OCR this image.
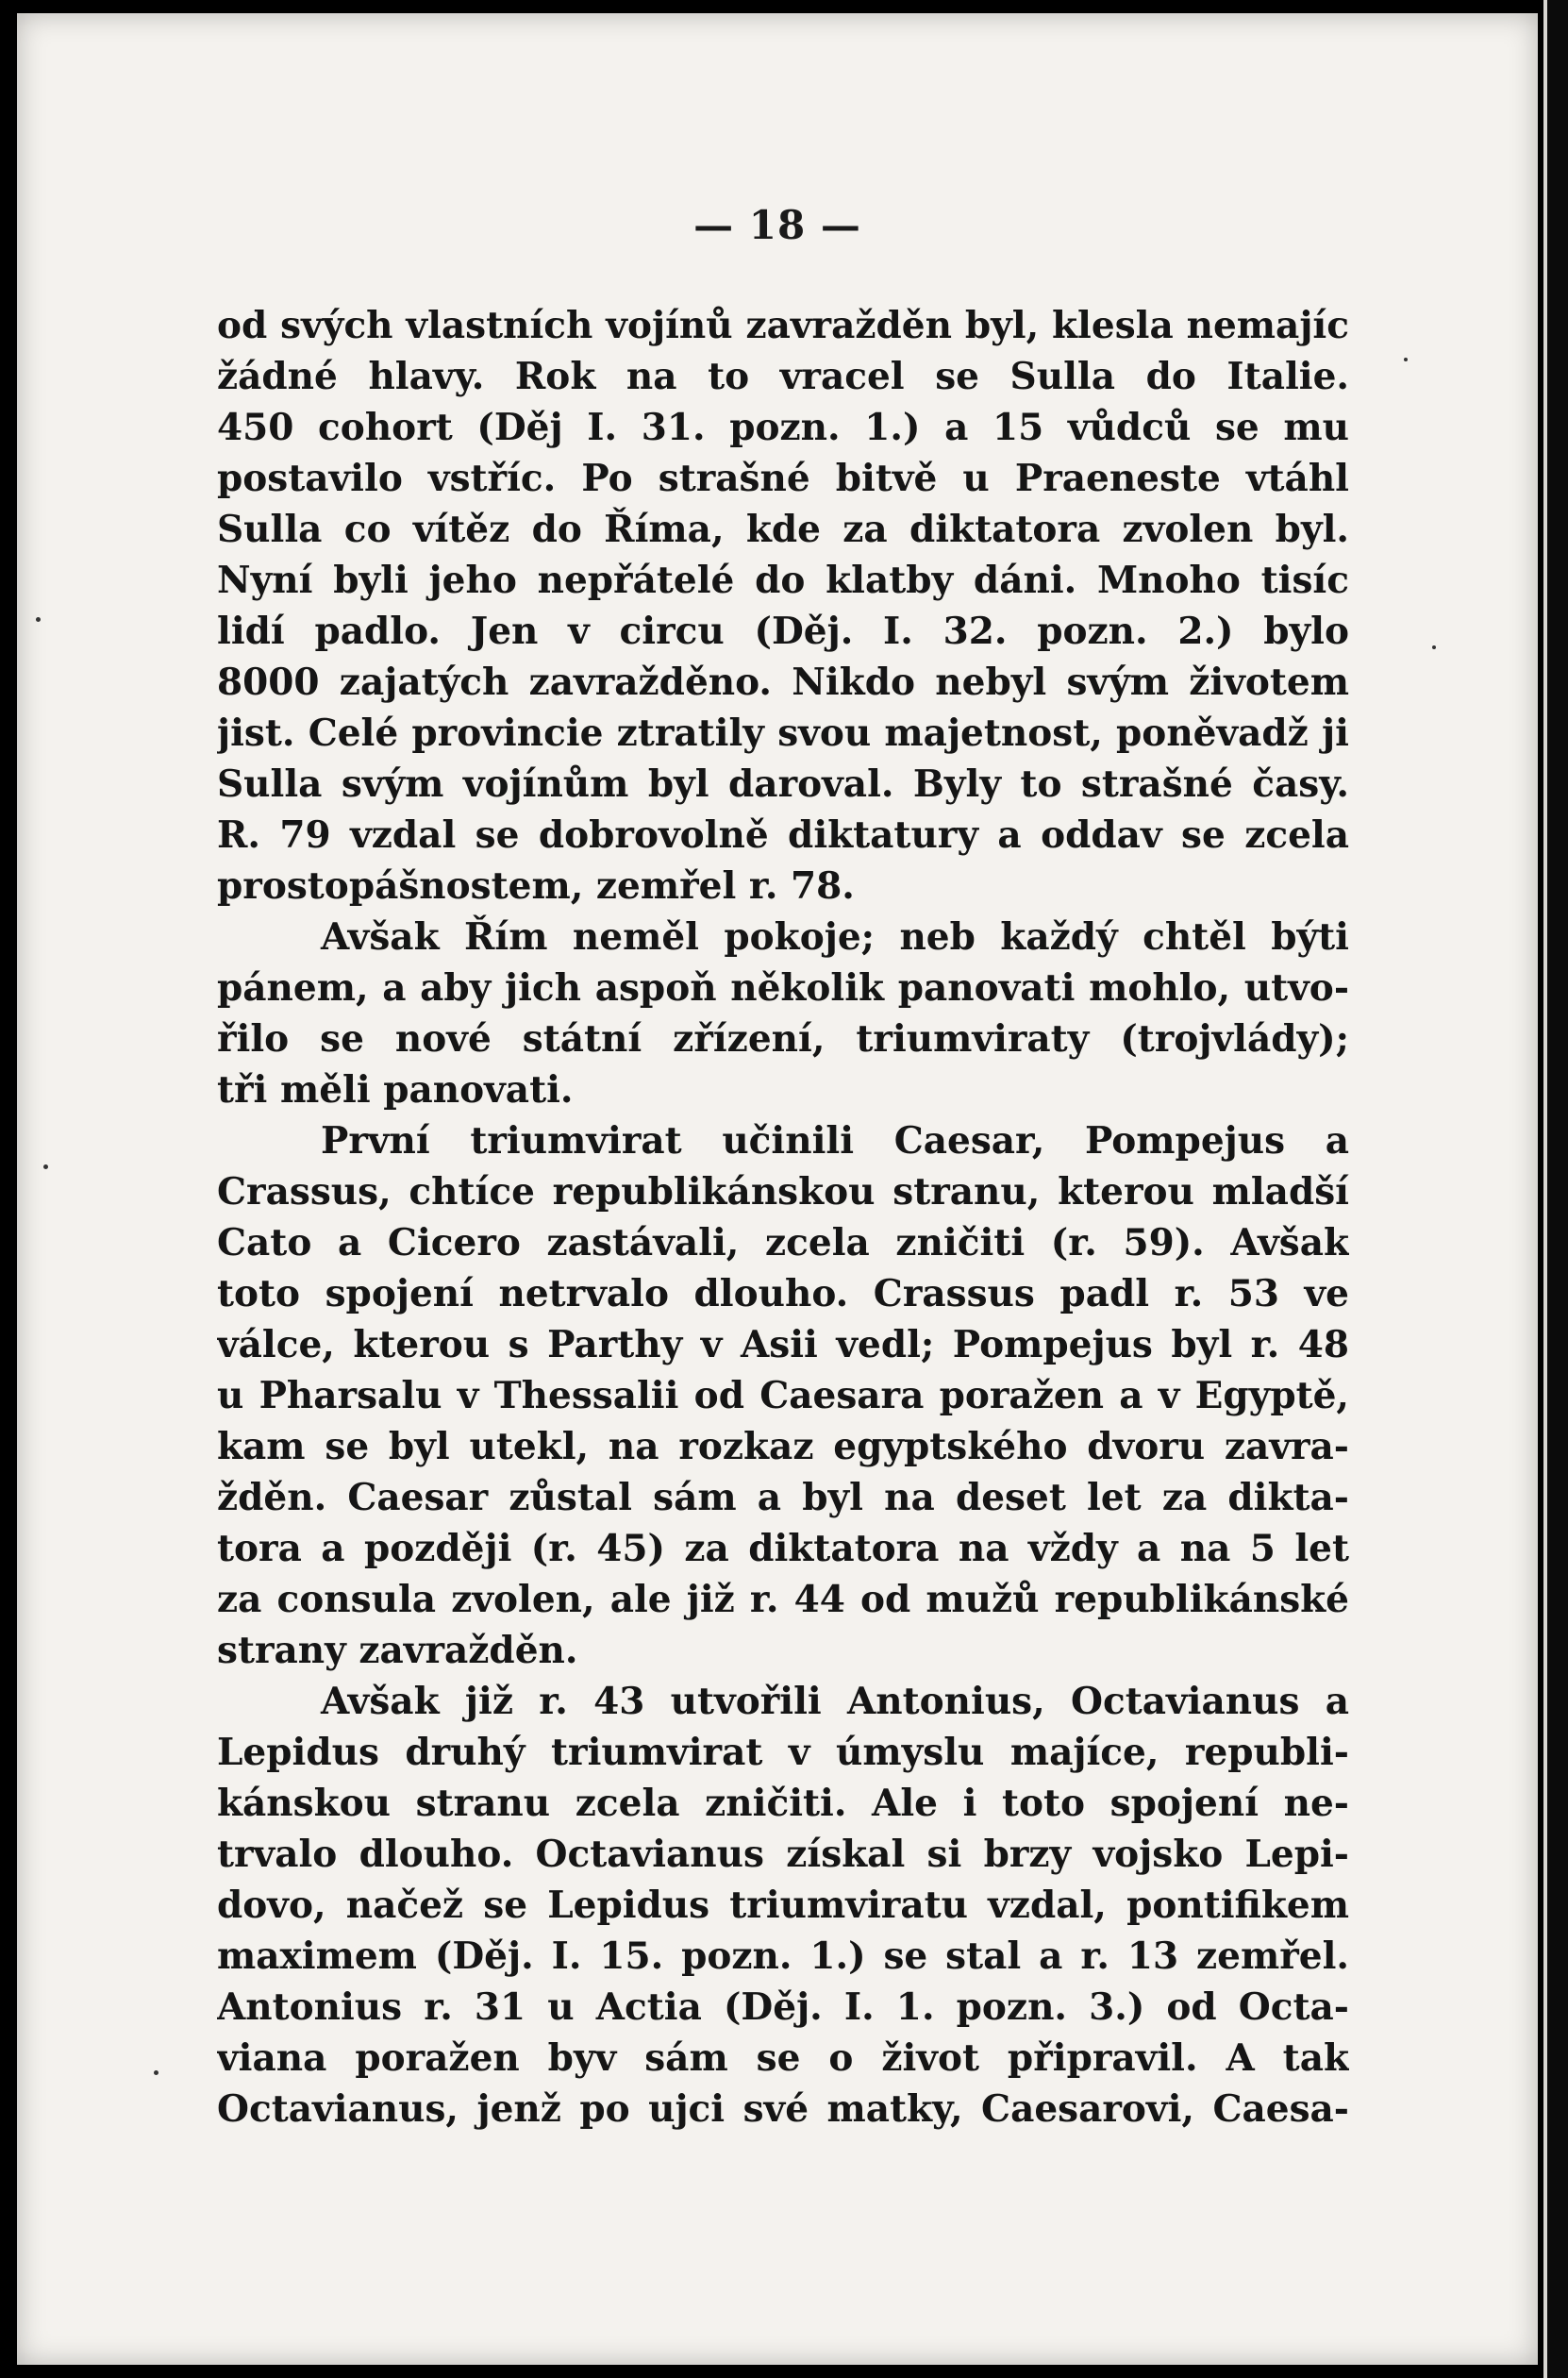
— 18 —
od svých vlastních vojínů zavražděn byl, klesla nemajíc
žádné hlavy. Rok na to vracel se Sulla do Italie.
450 cohort (Děj I. 31. pozn. 1.) a 15 vůdců se mu
postavilo vstříc. Po strašné bitvě u Praeneste vtáhl
Sulla co vítěz do Říma, kde za diktatora zvolen byl.
Nyní byli jeho nepřátelé do klatby dáni. Mnoho tisíc
lidí padlo. Jen v circu (Děj. I. 32. pozn. 2.) bylo
8000 zajatých zavražděno. Nikdo nebyl svým životem
jist. Celé provincie ztratily svou majetnost, poněvadž ji
Sulla svým vojínům byl daroval. Byly to strašné časy.
R. 79 vzdal se dobrovolně diktatury a oddav se zcela
prostopášnostem, zemřel r. 78.
Avšak Řím neměl pokoje; neb každý chtěl býti
pánem, a aby jich aspoň několik panovati mohlo, utvo-
řilo se nové státní zřízení, triumviraty (trojvlády);
tři měli panovati.
První triumvirat učinili Caesar, Pompejus a
Crassus, chtíce republikánskou stranu, kterou mladší
Cato a Cicero zastávali, zcela zničiti (r. 59). Avšak
toto spojení netrvalo dlouho. Crassus padl r. 53 ve
válce, kterou s Parthy v Asii vedl; Pompejus byl r. 48
u Pharsalu v Thessalii od Caesara poražen a v Egyptě,
kam se byl utekl, na rozkaz egyptského dvoru zavra-
žděn. Caesar zůstal sám a byl na deset let za dikta-
tora a později (r. 45) za diktatora na vždy a na 5 let
za consula zvolen, ale již r. 44 od mužů republikánské
strany zavražděn.
Avšak již r. 43 utvořili Antonius, Octavianus a
Lepidus druhý triumvirat v úmyslu majíce, republi-
kánskou stranu zcela zničiti. Ale i toto spojení ne-
trvalo dlouho. Octavianus získal si brzy vojsko Lepi-
dovo, načež se Lepidus triumviratu vzdal, pontifikem
maximem (Děj. I. 15. pozn. 1.) se stal a r. 13 zemřel.
Antonius r. 31 u Actia (Děj. I. 1. pozn. 3.) od Octa-
viana poražen byv sám se o život připravil. A tak
Octavianus, jenž po ujci své matky, Caesarovi, Caesa-
